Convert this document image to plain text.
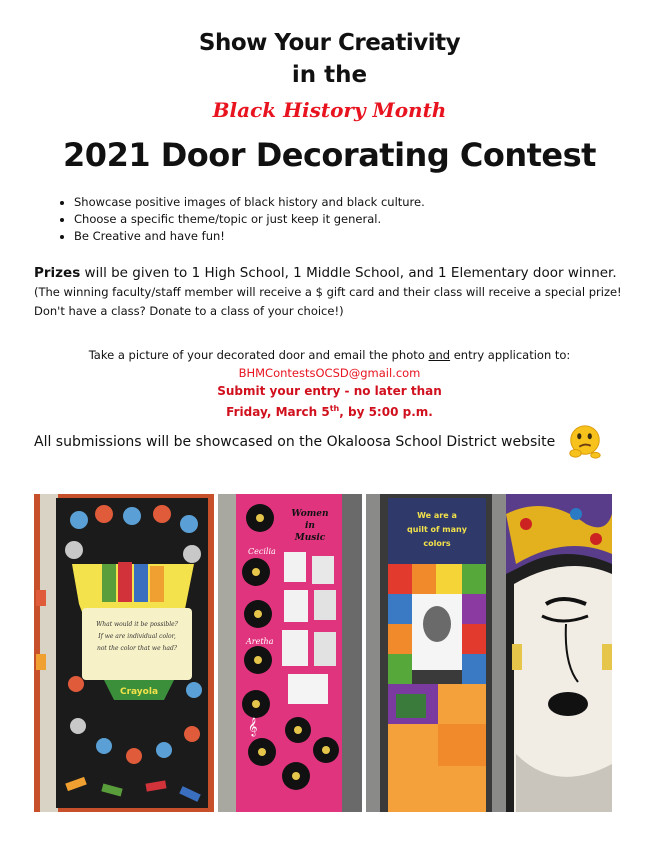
Show Your Creativity
in the
Black History Month
2021 Door Decorating Contest
• Showcase positive images of black history and black culture.
• Choose a specific theme/topic or just keep it general.
• Be Creative and have fun!
Prizes will be given to 1 High School, 1 Middle School, and 1 Elementary door winner. (The winning faculty/staff member will receive a $ gift card and their class will receive a special prize! Don't have a class? Donate to a class of your choice!)
Take a picture of your decorated door and email the photo and entry application to:
BHMContestsOCSD@gmail.com
Submit your entry - no later than
Friday, March 5th, by 5:00 p.m.
All submissions will be showcased on the Okaloosa School District website
What would it be possible?
If we are individual color,
not the color that we had?
Crayola
Cecilia
Aretha
Women
in
Music
𝄞
We are a
quilt of many
colors
